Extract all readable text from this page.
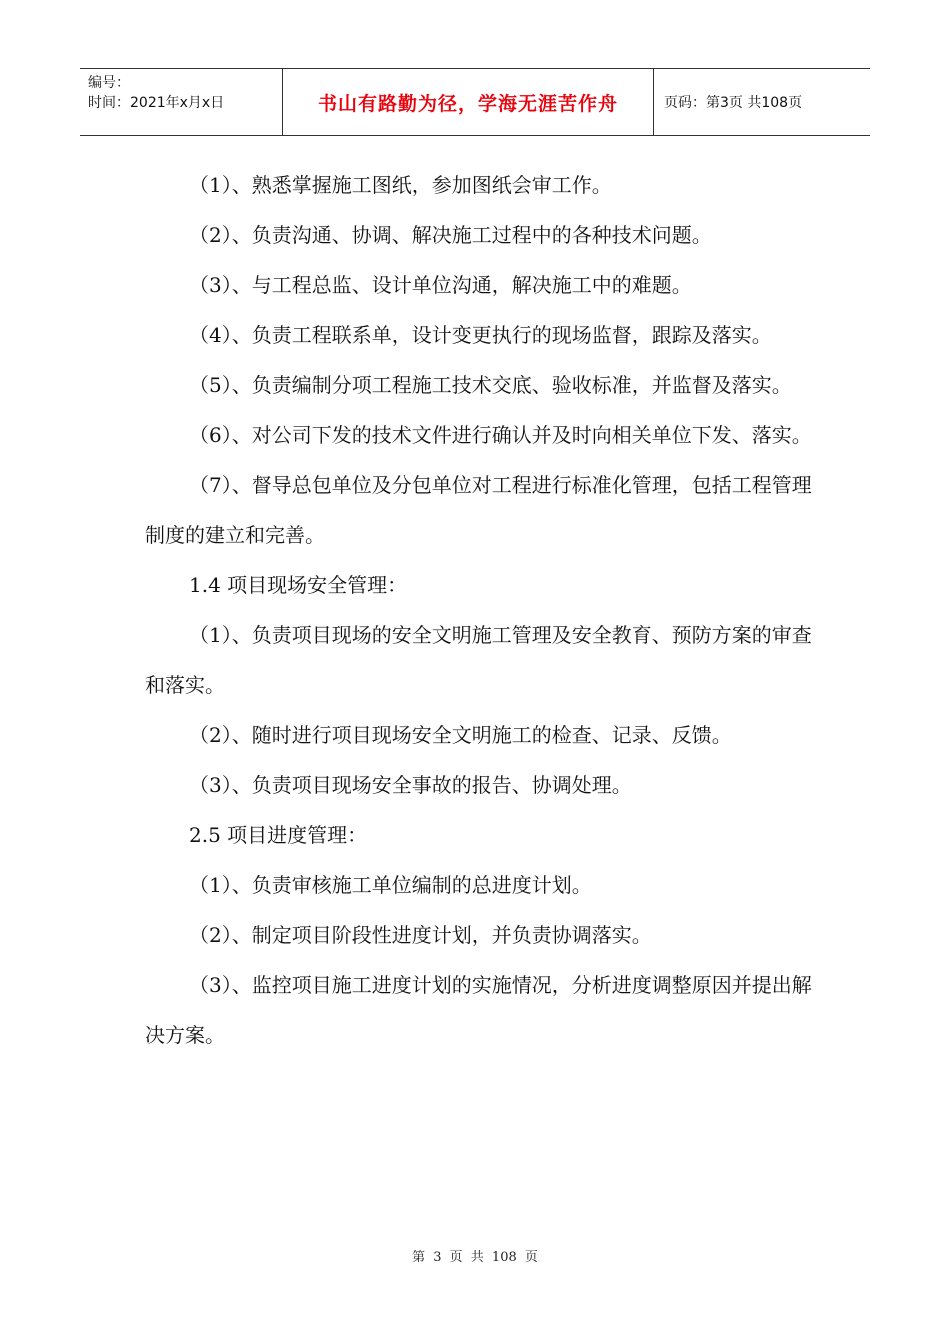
编号：
时间：2021年x月x日	书山有路勤为径，学海无涯苦作舟	页码：第3页 共108页

（1）、熟悉掌握施工图纸，参加图纸会审工作。

（2）、负责沟通、协调、解决施工过程中的各种技术问题。

（3）、与工程总监、设计单位沟通，解决施工中的难题。

（4）、负责工程联系单，设计变更执行的现场监督，跟踪及落实。

（5）、负责编制分项工程施工技术交底、验收标准，并监督及落实。

（6）、对公司下发的技术文件进行确认并及时向相关单位下发、落实。

（7）、督导总包单位及分包单位对工程进行标准化管理，包括工程管理制度的建立和完善。

1.4 项目现场安全管理：

（1）、负责项目现场的安全文明施工管理及安全教育、预防方案的审查和落实。

（2）、随时进行项目现场安全文明施工的检查、记录、反馈。

（3）、负责项目现场安全事故的报告、协调处理。

2.5 项目进度管理：

（1）、负责审核施工单位编制的总进度计划。

（2）、制定项目阶段性进度计划，并负责协调落实。

（3）、监控项目施工进度计划的实施情况，分析进度调整原因并提出解决方案。

第 3 页 共 108 页
